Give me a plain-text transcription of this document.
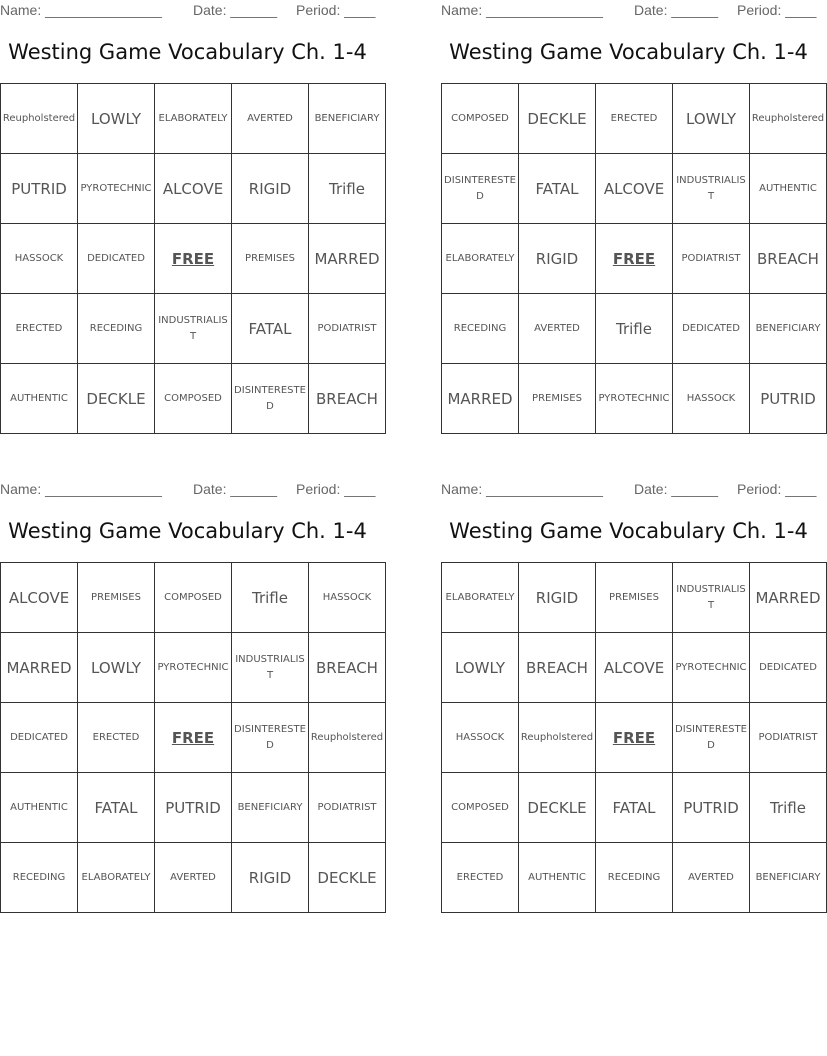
Name: _______________ Date: ______ Period: ____
Westing Game Vocabulary Ch. 1-4
Reupholstered	LOWLY	ELABORATELY	AVERTED	BENEFICIARY
PUTRID	PYROTECHNIC	ALCOVE	RIGID	Trifle
HASSOCK	DEDICATED	FREE	PREMISES	MARRED
ERECTED	RECEDING	INDUSTRIALIST	FATAL	PODIATRIST
AUTHENTIC	DECKLE	COMPOSED	DISINTERESTED	BREACH
Name: _______________ Date: ______ Period: ____
Westing Game Vocabulary Ch. 1-4
COMPOSED	DECKLE	ERECTED	LOWLY	Reupholstered
DISINTERESTED	FATAL	ALCOVE	INDUSTRIALIST	AUTHENTIC
ELABORATELY	RIGID	FREE	PODIATRIST	BREACH
RECEDING	AVERTED	Trifle	DEDICATED	BENEFICIARY
MARRED	PREMISES	PYROTECHNIC	HASSOCK	PUTRID
Name: _______________ Date: ______ Period: ____
Westing Game Vocabulary Ch. 1-4
ALCOVE	PREMISES	COMPOSED	Trifle	HASSOCK
MARRED	LOWLY	PYROTECHNIC	INDUSTRIALIST	BREACH
DEDICATED	ERECTED	FREE	DISINTERESTED	Reupholstered
AUTHENTIC	FATAL	PUTRID	BENEFICIARY	PODIATRIST
RECEDING	ELABORATELY	AVERTED	RIGID	DECKLE
Name: _______________ Date: ______ Period: ____
Westing Game Vocabulary Ch. 1-4
ELABORATELY	RIGID	PREMISES	INDUSTRIALIST	MARRED
LOWLY	BREACH	ALCOVE	PYROTECHNIC	DEDICATED
HASSOCK	Reupholstered	FREE	DISINTERESTED	PODIATRIST
COMPOSED	DECKLE	FATAL	PUTRID	Trifle
ERECTED	AUTHENTIC	RECEDING	AVERTED	BENEFICIARY
